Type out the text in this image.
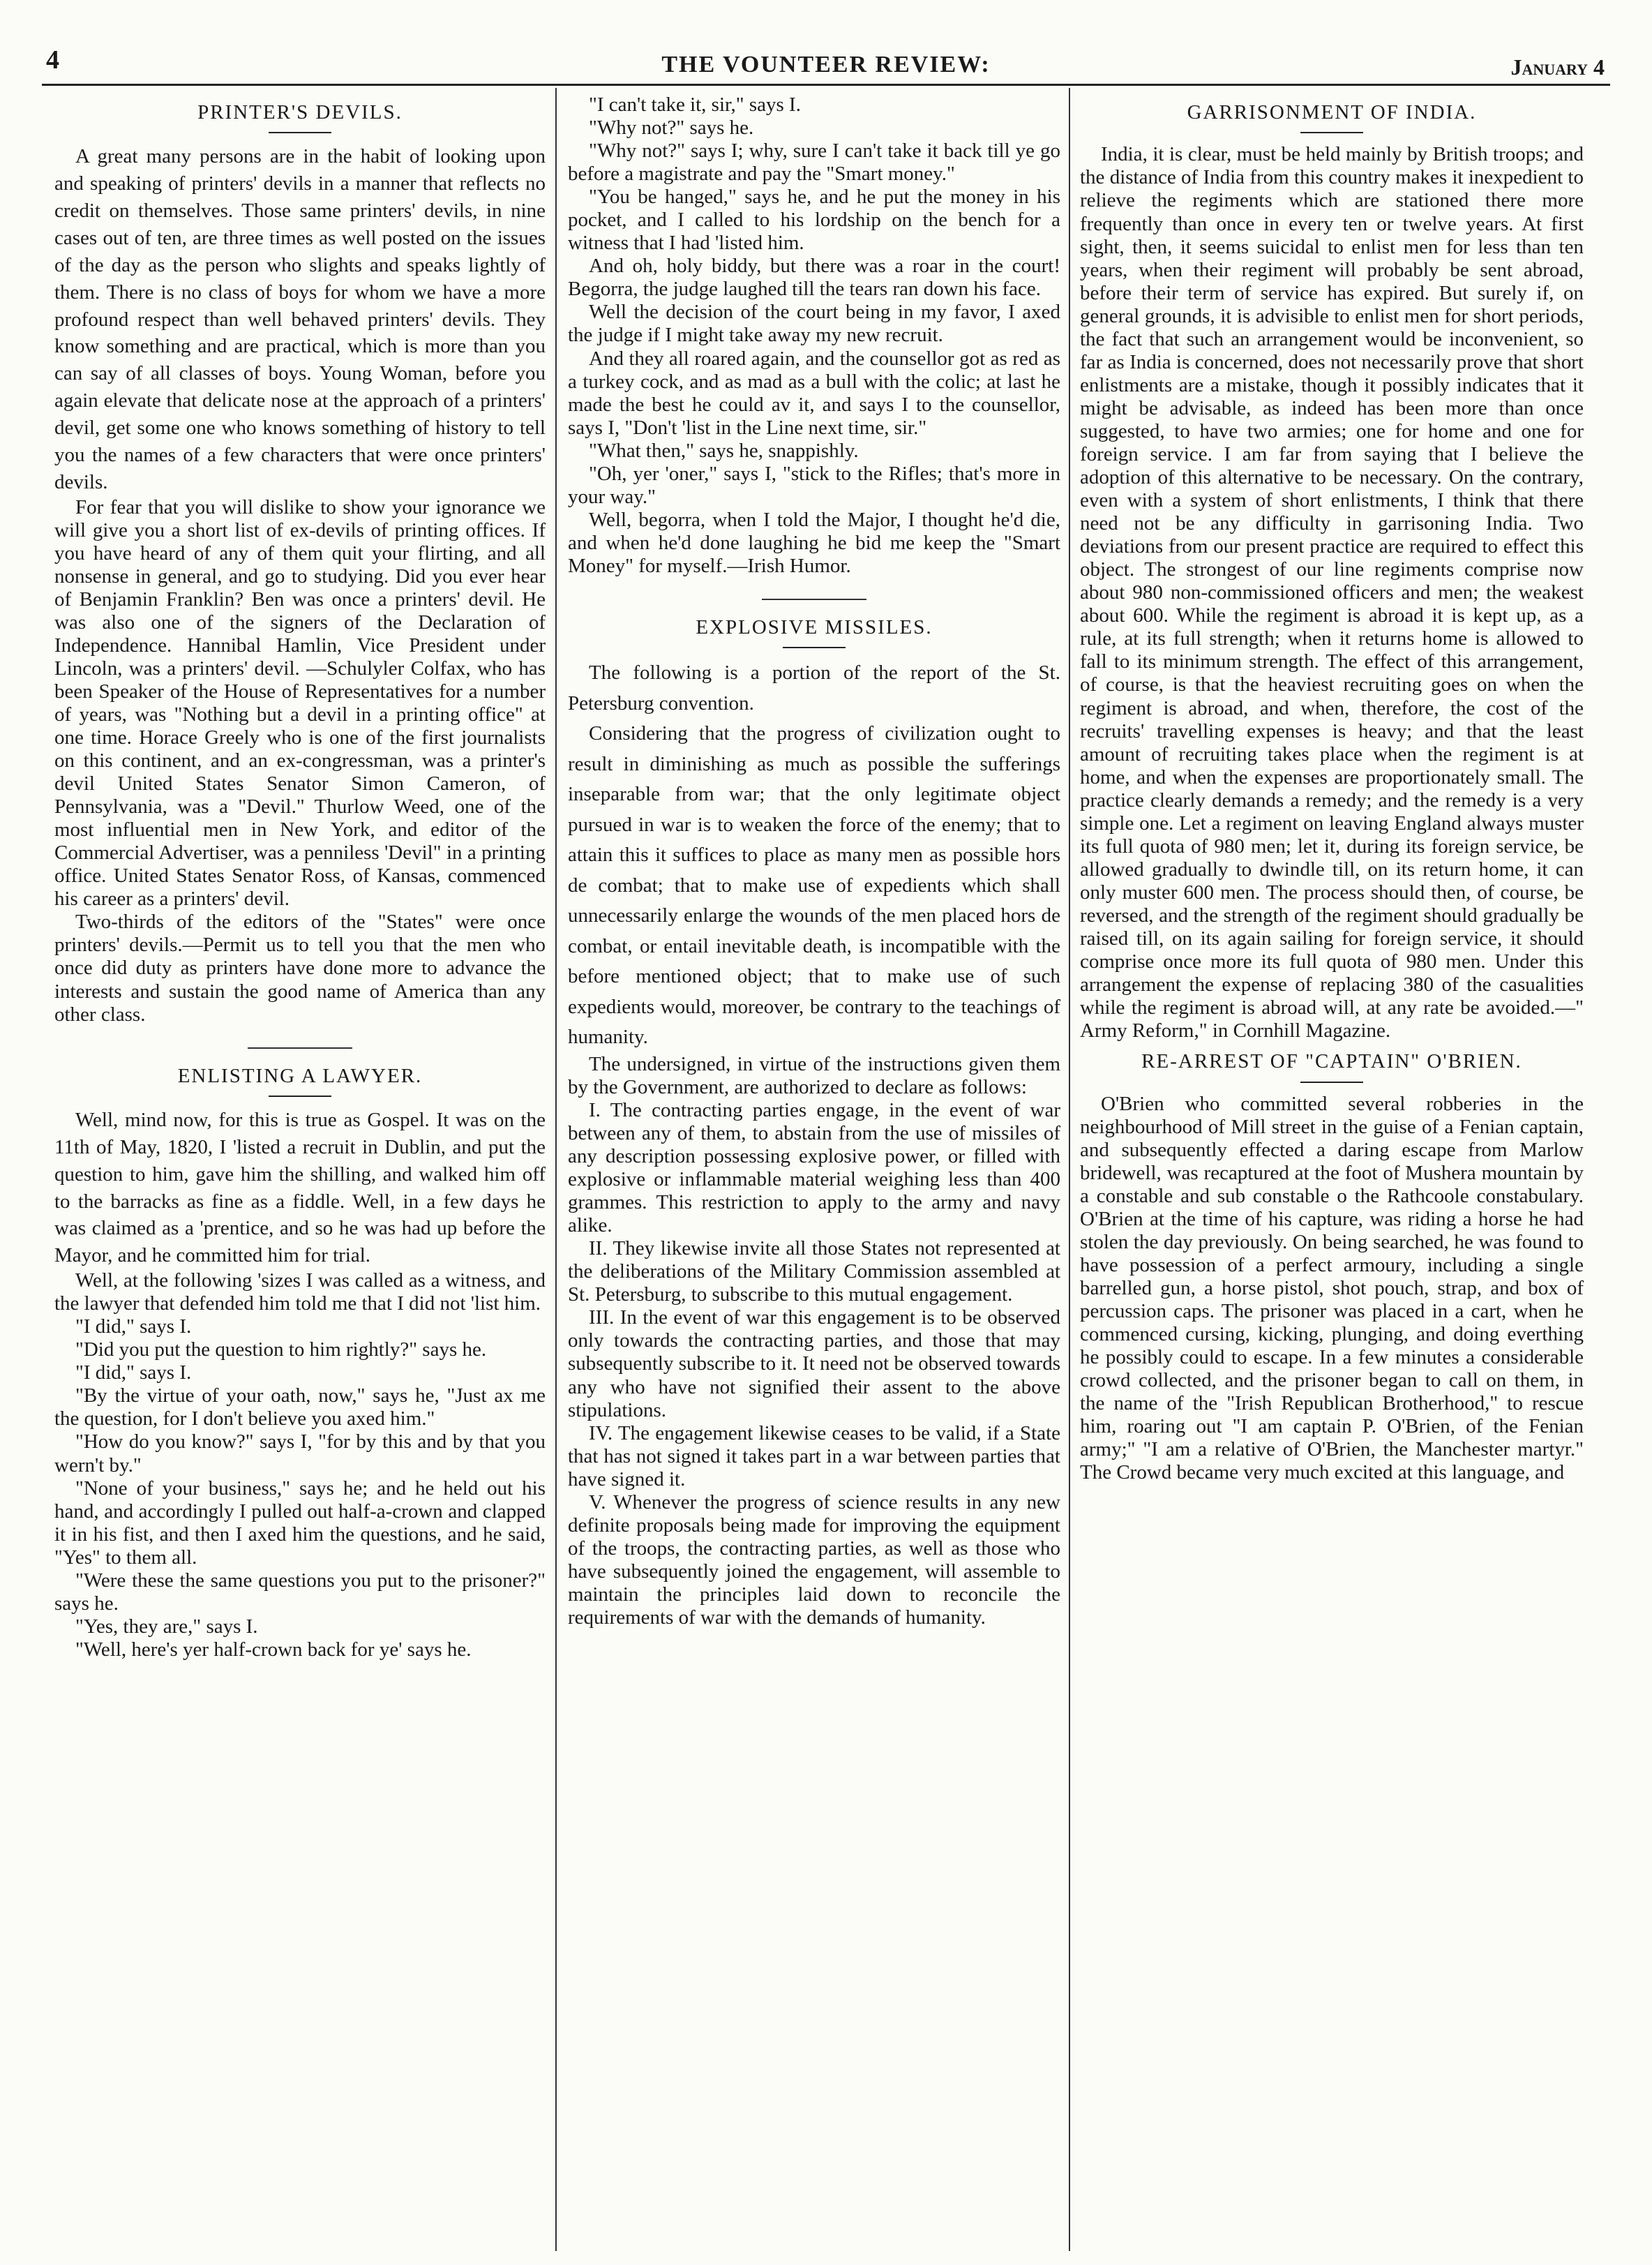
4	THE VOUNTEER REVIEW:	January 4
PRINTER'S DEVILS.

A great many persons are in the habit of looking upon and speaking of printers' devils in a manner that reflects no credit on themselves. Those same printers' devils, in nine cases out of ten, are three times as well posted on the issues of the day as the person who slights and speaks lightly of them. There is no class of boys for whom we have a more profound respect than well behaved printers' devils. They know something and are practical, which is more than you can say of all classes of boys. Young Woman, before you again elevate that delicate nose at the approach of a printers' devil, get some one who knows something of history to tell you the names of a few characters that were once printers' devils.

For fear that you will dislike to show your ignorance we will give you a short list of ex-devils of printing offices. If you have heard of any of them quit your flirting, and all nonsense in general, and go to studying. Did you ever hear of Benjamin Franklin? Ben was once a printers' devil. He was also one of the signers of the Declaration of Independence. Hannibal Hamlin, Vice President under Lincoln, was a printers' devil. —Schulyler Colfax, who has been Speaker of the House of Representatives for a number of years, was "Nothing but a devil in a printing office" at one time. Horace Greely who is one of the first journalists on this continent, and an ex-congressman, was a printer's devil United States Senator Simon Cameron, of Pennsylvania, was a "Devil." Thurlow Weed, one of the most influential men in New York, and editor of the Commercial Advertiser, was a penniless 'Devil" in a printing office. United States Senator Ross, of Kansas, commenced his career as a printers' devil.

Two-thirds of the editors of the "States" were once printers' devils.—Permit us to tell you that the men who once did duty as printers have done more to advance the interests and sustain the good name of America than any other class.

ENLISTING A LAWYER.

Well, mind now, for this is true as Gospel. It was on the 11th of May, 1820, I 'listed a recruit in Dublin, and put the question to him, gave him the shilling, and walked him off to the barracks as fine as a fiddle. Well, in a few days he was claimed as a 'prentice, and so he was had up before the Mayor, and he committed him for trial.

Well, at the following 'sizes I was called as a witness, and the lawyer that defended him told me that I did not 'list him.

"I did," says I.

"Did you put the question to him rightly?" says he.

"I did," says I.

"By the virtue of your oath, now," says he, "Just ax me the question, for I don't believe you axed him."

"How do you know?" says I, "for by this and by that you wern't by."

"None of your business," says he; and he held out his hand, and accordingly I pulled out half-a-crown and clapped it in his fist, and then I axed him the questions, and he said, "Yes" to them all.

"Were these the same questions you put to the prisoner?" says he.

"Yes, they are," says I.

"Well, here's yer half-crown back for ye' says he.

"I can't take it, sir," says I.

"Why not?" says he.

"Why not?" says I; why, sure I can't take it back till ye go before a magistrate and pay the "Smart money."

"You be hanged," says he, and he put the money in his pocket, and I called to his lordship on the bench for a witness that I had 'listed him.

And oh, holy biddy, but there was a roar in the court! Begorra, the judge laughed till the tears ran down his face.

Well the decision of the court being in my favor, I axed the judge if I might take away my new recruit.

And they all roared again, and the counsellor got as red as a turkey cock, and as mad as a bull with the colic; at last he made the best he could av it, and says I to the counsellor, says I, "Don't 'list in the Line next time, sir."

"What then," says he, snappishly.

"Oh, yer 'oner," says I, "stick to the Rifles; that's more in your way."

Well, begorra, when I told the Major, I thought he'd die, and when he'd done laughing he bid me keep the "Smart Money" for myself.—Irish Humor.

EXPLOSIVE MISSILES.

The following is a portion of the report of the St. Petersburg convention.

Considering that the progress of civilization ought to result in diminishing as much as possible the sufferings inseparable from war; that the only legitimate object pursued in war is to weaken the force of the enemy; that to attain this it suffices to place as many men as possible hors de combat; that to make use of expedients which shall unnecessarily enlarge the wounds of the men placed hors de combat, or entail inevitable death, is incompatible with the before mentioned object; that to make use of such expedients would, moreover, be contrary to the teachings of humanity.

The undersigned, in virtue of the instructions given them by the Government, are authorized to declare as follows:

I. The contracting parties engage, in the event of war between any of them, to abstain from the use of missiles of any description possessing explosive power, or filled with explosive or inflammable material weighing less than 400 grammes. This restriction to apply to the army and navy alike.

II. They likewise invite all those States not represented at the deliberations of the Military Commission assembled at St. Petersburg, to subscribe to this mutual engagement.

III. In the event of war this engagement is to be observed only towards the contracting parties, and those that may subsequently subscribe to it. It need not be observed towards any who have not signified their assent to the above stipulations.

IV. The engagement likewise ceases to be valid, if a State that has not signed it takes part in a war between parties that have signed it.

V. Whenever the progress of science results in any new definite proposals being made for improving the equipment of the troops, the contracting parties, as well as those who have subsequently joined the engagement, will assemble to maintain the principles laid down to reconcile the requirements of war with the demands of humanity.

GARRISONMENT OF INDIA.

India, it is clear, must be held mainly by British troops; and the distance of India from this country makes it inexpedient to relieve the regiments which are stationed there more frequently than once in every ten or twelve years. At first sight, then, it seems suicidal to enlist men for less than ten years, when their regiment will probably be sent abroad, before their term of service has expired. But surely if, on general grounds, it is advisible to enlist men for short periods, the fact that such an arrangement would be inconvenient, so far as India is concerned, does not necessarily prove that short enlistments are a mistake, though it possibly indicates that it might be advisable, as indeed has been more than once suggested, to have two armies; one for home and one for foreign service. I am far from saying that I believe the adoption of this alternative to be necessary. On the contrary, even with a system of short enlistments, I think that there need not be any difficulty in garrisoning India. Two deviations from our present practice are required to effect this object. The strongest of our line regiments comprise now about 980 non-commissioned officers and men; the weakest about 600. While the regiment is abroad it is kept up, as a rule, at its full strength; when it returns home is allowed to fall to its minimum strength. The effect of this arrangement, of course, is that the heaviest recruiting goes on when the regiment is abroad, and when, therefore, the cost of the recruits' travelling expenses is heavy; and that the least amount of recruiting takes place when the regiment is at home, and when the expenses are proportionately small. The practice clearly demands a remedy; and the remedy is a very simple one. Let a regiment on leaving England always muster its full quota of 980 men; let it, during its foreign service, be allowed gradually to dwindle till, on its return home, it can only muster 600 men. The process should then, of course, be reversed, and the strength of the regiment should gradually be raised till, on its again sailing for foreign service, it should comprise once more its full quota of 980 men. Under this arrangement the expense of replacing 380 of the casualities while the regiment is abroad will, at any rate be avoided.—" Army Reform," in Cornhill Magazine.

RE-ARREST OF "CAPTAIN" O'BRIEN.

O'Brien who committed several robberies in the neighbourhood of Mill street in the guise of a Fenian captain, and subsequently effected a daring escape from Marlow bridewell, was recaptured at the foot of Mushera mountain by a constable and sub constable o the Rathcoole constabulary. O'Brien at the time of his capture, was riding a horse he had stolen the day previously. On being searched, he was found to have possession of a perfect armoury, including a single barrelled gun, a horse pistol, shot pouch, strap, and box of percussion caps. The prisoner was placed in a cart, when he commenced cursing, kicking, plunging, and doing everthing he possibly could to escape. In a few minutes a considerable crowd collected, and the prisoner began to call on them, in the name of the "Irish Republican Brotherhood," to rescue him, roaring out "I am captain P. O'Brien, of the Fenian army;" "I am a relative of O'Brien, the Manchester martyr." The Crowd became very much excited at this language, and
